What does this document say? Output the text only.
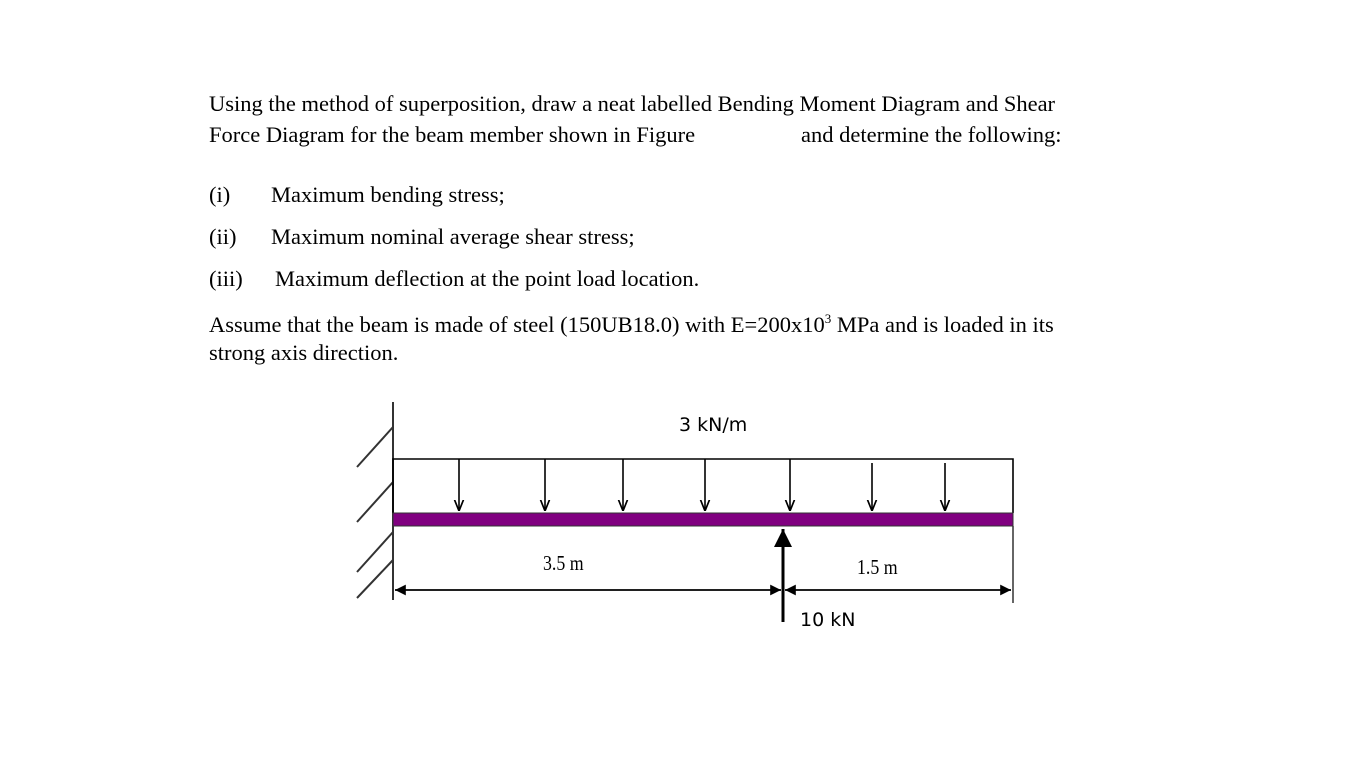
Using the method of superposition, draw a neat labelled Bending Moment Diagram and Shear
Force Diagram for the beam member shown in Figure	and determine the following:
(i) Maximum bending stress;
(ii) Maximum nominal average shear stress;
(iii) Maximum deflection at the point load location.
Assume that the beam is made of steel (150UB18.0) with $E=200x10^3$ MPa and is loaded in its
strong axis direction.
3 kN/m
3.5 m	1.5 m
10 kN
